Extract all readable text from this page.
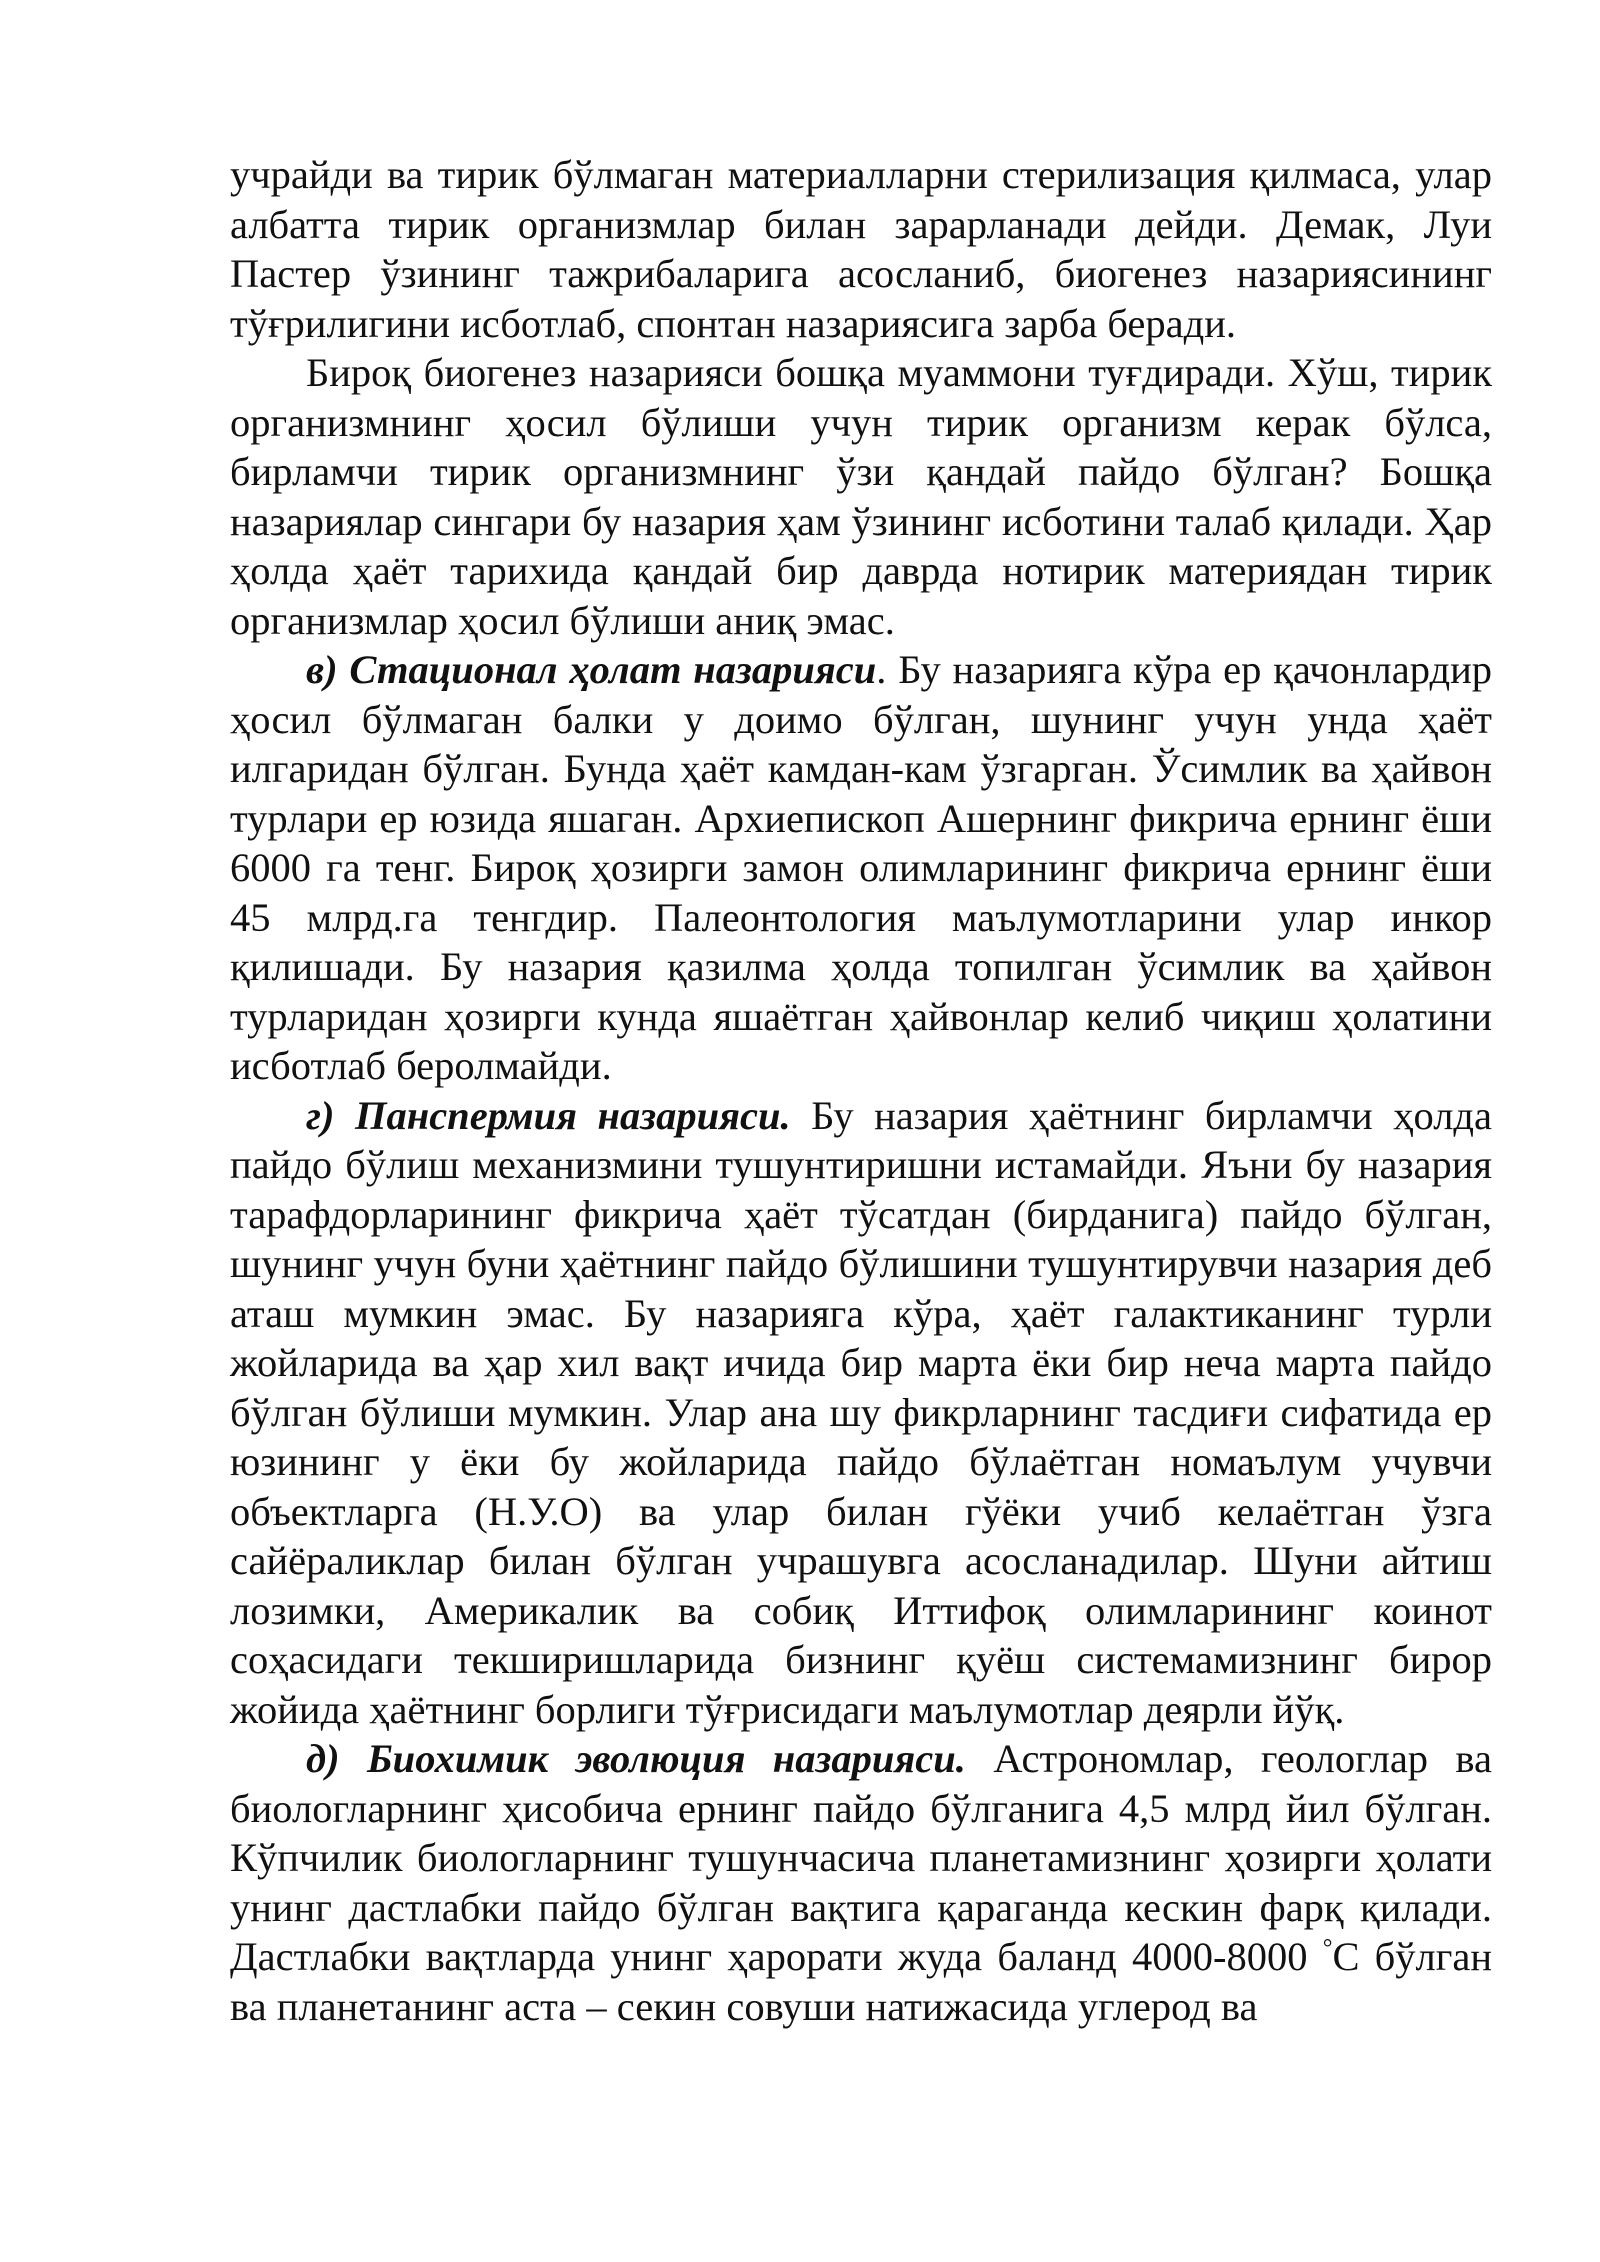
учрайди ва тирик бўлмаган материалларни стерилизация қилмаса, улар албатта тирик организмлар билан зарарланади дейди. Демак, Луи Пастер ўзининг тажрибаларига асосланиб, биогенез назариясининг тўғрилигини исботлаб, спонтан назариясига зарба беради.

Бироқ биогенез назарияси бошқа муаммони туғдиради. Хўш, тирик организмнинг ҳосил бўлиши учун тирик организм керак бўлса, бирламчи тирик организмнинг ўзи қандай пайдо бўлган? Бошқа назариялар сингари бу назария ҳам ўзининг исботини талаб қилади. Ҳар ҳолда ҳаёт тарихида қандай бир даврда нотирик материядан тирик организмлар ҳосил бўлиши аниқ эмас.

в) Стационал ҳолат назарияси. Бу назарияга кўра ер қачонлардир ҳосил бўлмаган балки у доимо бўлган, шунинг учун унда ҳаёт илгаридан бўлган. Бунда ҳаёт камдан-кам ўзгарган. Ўсимлик ва ҳайвон турлари ер юзида яшаган. Архиепископ Ашернинг фикрича ернинг ёши 6000 га тенг. Бироқ ҳозирги замон олимларининг фикрича ернинг ёши 45 млрд.га тенгдир. Палеонтология маълумотларини улар инкор қилишади. Бу назария қазилма ҳолда топилган ўсимлик ва ҳайвон турларидан ҳозирги кунда яшаётган ҳайвонлар келиб чиқиш ҳолатини исботлаб беролмайди.

г) Панспермия назарияси. Бу назария ҳаётнинг бирламчи ҳолда пайдо бўлиш механизмини тушунтиришни истамайди. Яъни бу назария тарафдорларининг фикрича ҳаёт тўсатдан (бирданига) пайдо бўлган, шунинг учун буни ҳаётнинг пайдо бўлишини тушунтирувчи назария деб аташ мумкин эмас. Бу назарияга кўра, ҳаёт галактиканинг турли жойларида ва ҳар хил вақт ичида бир марта ёки бир неча марта пайдо бўлган бўлиши мумкин. Улар ана шу фикрларнинг тасдиғи сифатида ер юзининг у ёки бу жойларида пайдо бўлаётган номаълум учувчи объектларга (Н.У.О) ва улар билан гўёки учиб келаётган ўзга сайёраликлар билан бўлган учрашувга асосланадилар. Шуни айтиш лозимки, Америкалик ва собиқ Иттифоқ олимларининг коинот соҳасидаги текширишларида бизнинг қуёш системамизнинг бирор жойида ҳаётнинг борлиги тўғрисидаги маълумотлар деярли йўқ.

д) Биохимик эволюция назарияси. Астрономлар, геологлар ва биологларнинг ҳисобича ернинг пайдо бўлганига 4,5 млрд йил бўлган. Кўпчилик биологларнинг тушунчасича планетамизнинг ҳозирги ҳолати унинг дастлабки пайдо бўлган вақтига қараганда кескин фарқ қилади. Дастлабки вақтларда унинг ҳарорати жуда баланд 4000-8000 °С бўлган ва планетанинг аста – секин совуши натижасида углерод ва
